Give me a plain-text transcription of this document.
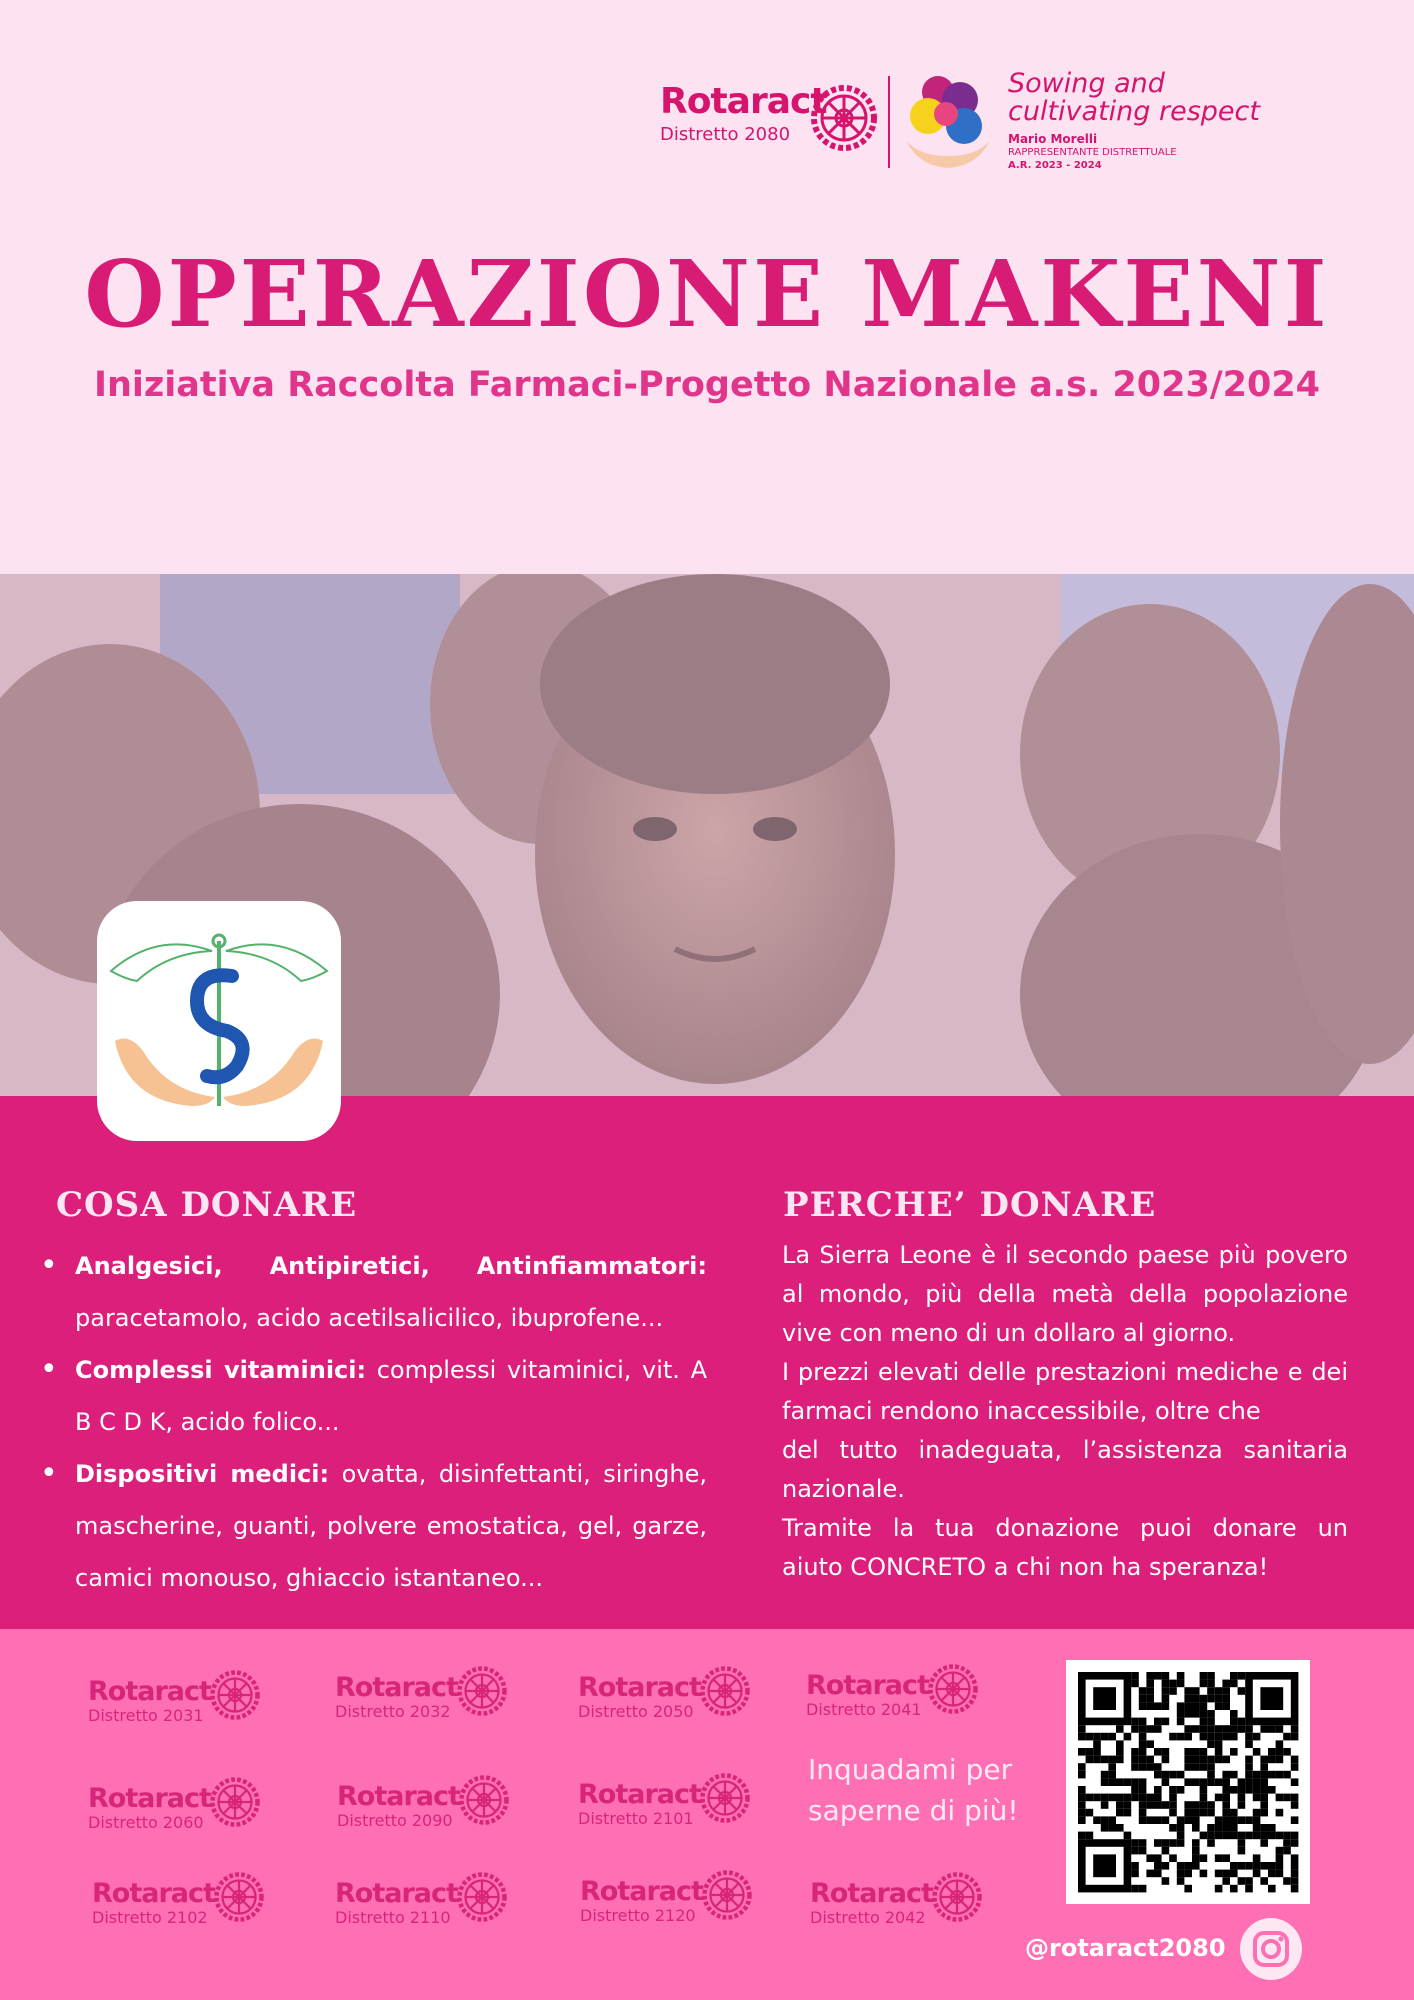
Rotaract
Distretto 2080
Sowing and
cultivating respect
Mario Morelli
RAPPRESENTANTE DISTRETTUALE
A.R. 2023 - 2024
OPERAZIONE MAKENI
Iniziativa Raccolta Farmaci-Progetto Nazionale a.s. 2023/2024
COSA DONARE
• Analgesici, Antipiretici, Antinfiammatori: paracetamolo, acido acetilsalicilico, ibuprofene...
• Complessi vitaminici: complessi vitaminici, vit. A B C D K, acido folico...
• Dispositivi medici: ovatta, disinfettanti, siringhe, mascherine, guanti, polvere emostatica, gel, garze, camici monouso, ghiaccio istantaneo...
PERCHE’ DONARE

La Sierra Leone è il secondo paese più povero

al mondo, più della metà della popolazione

vive con meno di un dollaro al giorno.

I prezzi elevati delle prestazioni mediche e dei

farmaci rendono inaccessibile, oltre che

del tutto inadeguata, l’assistenza sanitaria

nazionale.

Tramite la tua donazione puoi donare un

aiuto CONCRETO a chi non ha speranza!

Rotaract
Distretto 2031
Rotaract
Distretto 2032
Rotaract
Distretto 2050
Rotaract
Distretto 2041
Rotaract
Distretto 2060
Rotaract
Distretto 2090
Rotaract
Distretto 2101
Rotaract
Distretto 2102
Rotaract
Distretto 2110
Rotaract
Distretto 2120
Rotaract
Distretto 2042
Inquadami per
saperne di più!
@rotaract2080
